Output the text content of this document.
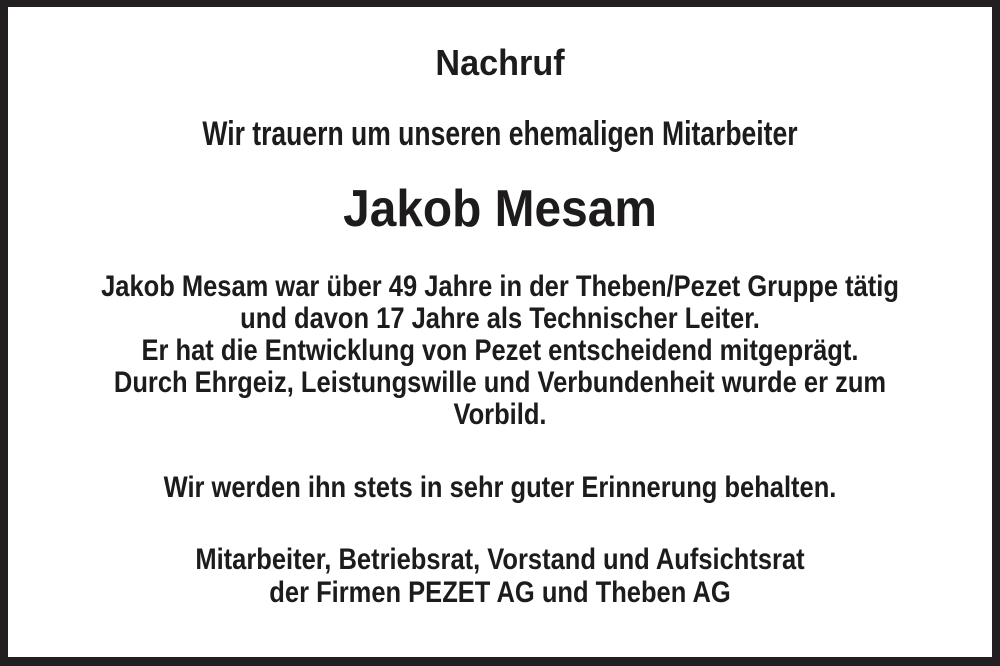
Nachruf
Wir trauern um unseren ehemaligen Mitarbeiter
Jakob Mesam
Jakob Mesam war über 49 Jahre in der Theben/Pezet Gruppe tätig
und davon 17 Jahre als Technischer Leiter.
Er hat die Entwicklung von Pezet entscheidend mitgeprägt.
Durch Ehrgeiz, Leistungswille und Verbundenheit wurde er zum
Vorbild.
Wir werden ihn stets in sehr guter Erinnerung behalten.
Mitarbeiter, Betriebsrat, Vorstand und Aufsichtsrat
der Firmen PEZET AG und Theben AG
